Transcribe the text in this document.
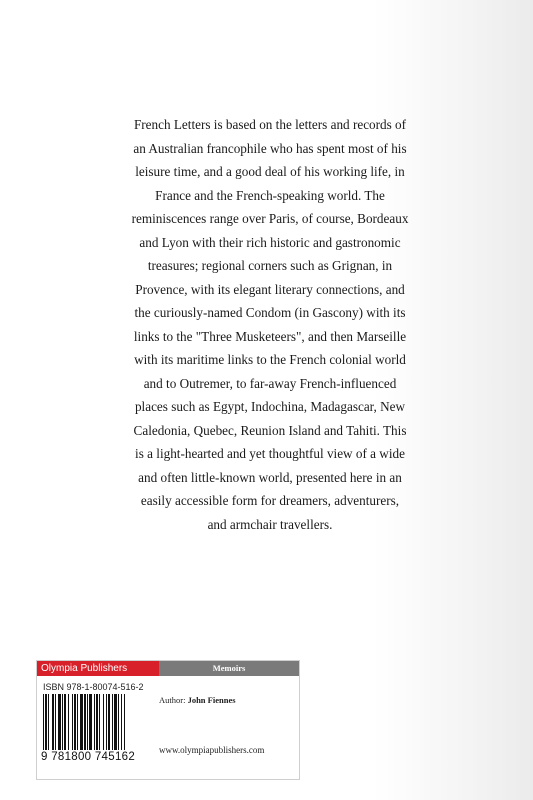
French Letters is based on the letters and records of
an Australian francophile who has spent most of his
leisure time, and a good deal of his working life, in
France and the French-speaking world. The
reminiscences range over Paris, of course, Bordeaux
and Lyon with their rich historic and gastronomic
treasures; regional corners such as Grignan, in
Provence, with its elegant literary connections, and
the curiously-named Condom (in Gascony) with its
links to the "Three Musketeers", and then Marseille
with its maritime links to the French colonial world
and to Outremer, to far-away French-influenced
places such as Egypt, Indochina, Madagascar, New
Caledonia, Quebec, Reunion Island and Tahiti. This
is a light-hearted and yet thoughtful view of a wide
and often little-known world, presented here in an
easily accessible form for dreamers, adventurers,
and armchair travellers.
Olympia Publishers	Memoirs
ISBN 978-1-80074-516-2
Author: John Fiennes
9 781800 745162
www.olympiapublishers.com
